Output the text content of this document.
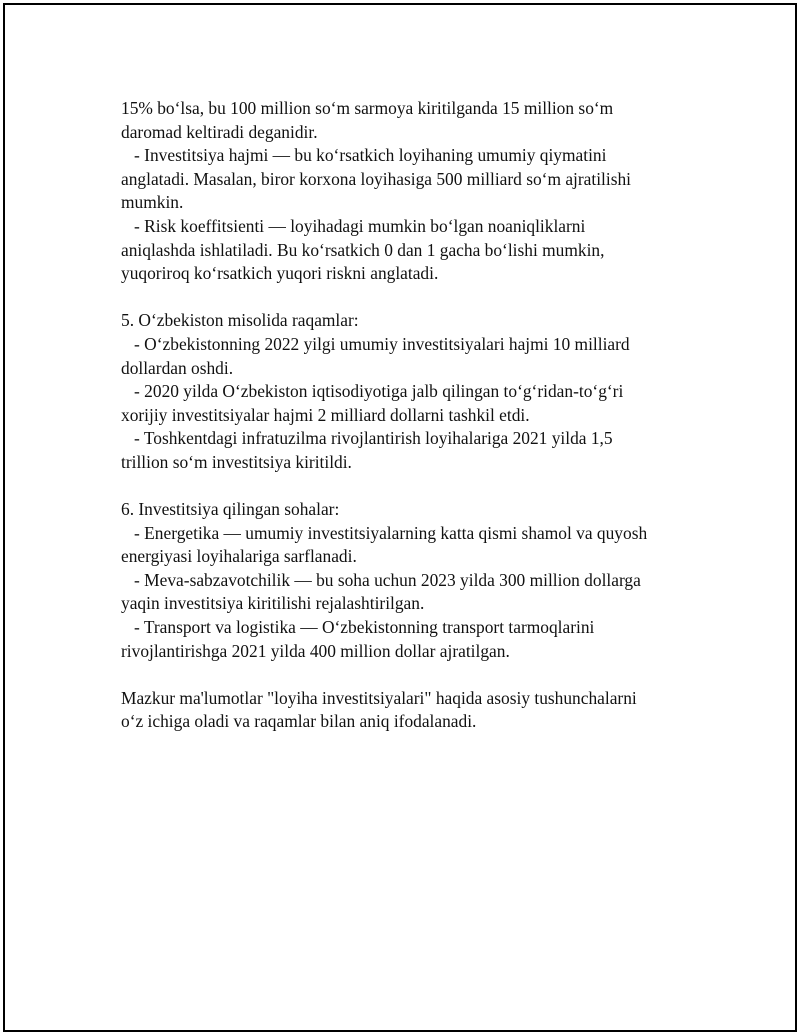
15% bo‘lsa, bu 100 million so‘m sarmoya kiritilganda 15 million so‘m
daromad keltiradi deganidir.
- Investitsiya hajmi — bu ko‘rsatkich loyihaning umumiy qiymatini
anglatadi. Masalan, biror korxona loyihasiga 500 milliard so‘m ajratilishi
mumkin.
- Risk koeffitsienti — loyihadagi mumkin bo‘lgan noaniqliklarni
aniqlashda ishlatiladi. Bu ko‘rsatkich 0 dan 1 gacha bo‘lishi mumkin,
yuqoriroq ko‘rsatkich yuqori riskni anglatadi.
5. O‘zbekiston misolida raqamlar:
- O‘zbekistonning 2022 yilgi umumiy investitsiyalari hajmi 10 milliard
dollardan oshdi.
- 2020 yilda O‘zbekiston iqtisodiyotiga jalb qilingan to‘g‘ridan-to‘g‘ri
xorijiy investitsiyalar hajmi 2 milliard dollarni tashkil etdi.
- Toshkentdagi infratuzilma rivojlantirish loyihalariga 2021 yilda 1,5
trillion so‘m investitsiya kiritildi.
6. Investitsiya qilingan sohalar:
- Energetika — umumiy investitsiyalarning katta qismi shamol va quyosh
energiyasi loyihalariga sarflanadi.
- Meva-sabzavotchilik — bu soha uchun 2023 yilda 300 million dollarga
yaqin investitsiya kiritilishi rejalashtirilgan.
- Transport va logistika — O‘zbekistonning transport tarmoqlarini
rivojlantirishga 2021 yilda 400 million dollar ajratilgan.
Mazkur ma'lumotlar "loyiha investitsiyalari" haqida asosiy tushunchalarni
o‘z ichiga oladi va raqamlar bilan aniq ifodalanadi.
